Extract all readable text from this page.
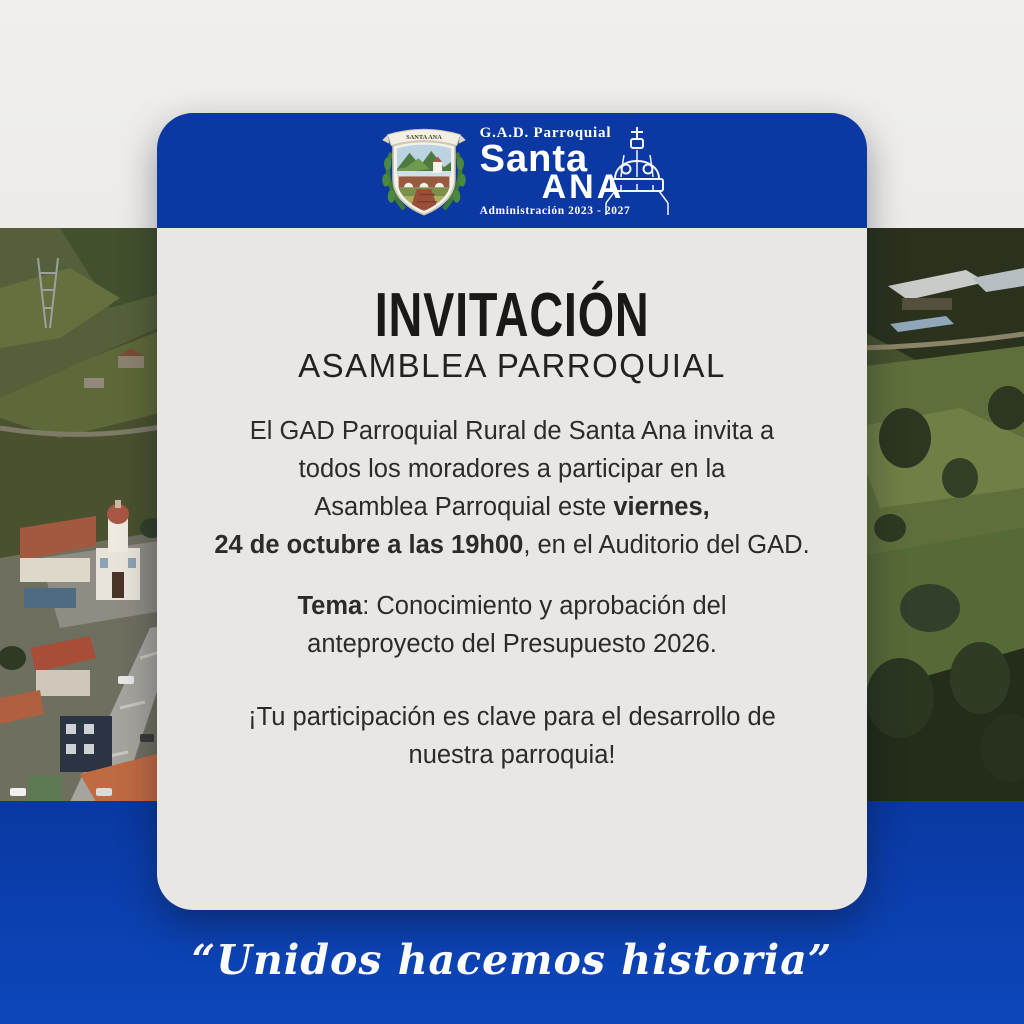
“Unidos hacemos historia”
SANTA ANA	G.A.D. Parroquial
Santa
ANA
Administración 2023 - 2027
INVITACIÓN
ASAMBLEA PARROQUIAL
El GAD Parroquial Rural de Santa Ana invita a
todos los moradores a participar en la
Asamblea Parroquial este viernes,
24 de octubre a las 19h00, en el Auditorio del GAD.
Tema: Conocimiento y aprobación del
anteproyecto del Presupuesto 2026.
¡Tu participación es clave para el desarrollo de
nuestra parroquia!
